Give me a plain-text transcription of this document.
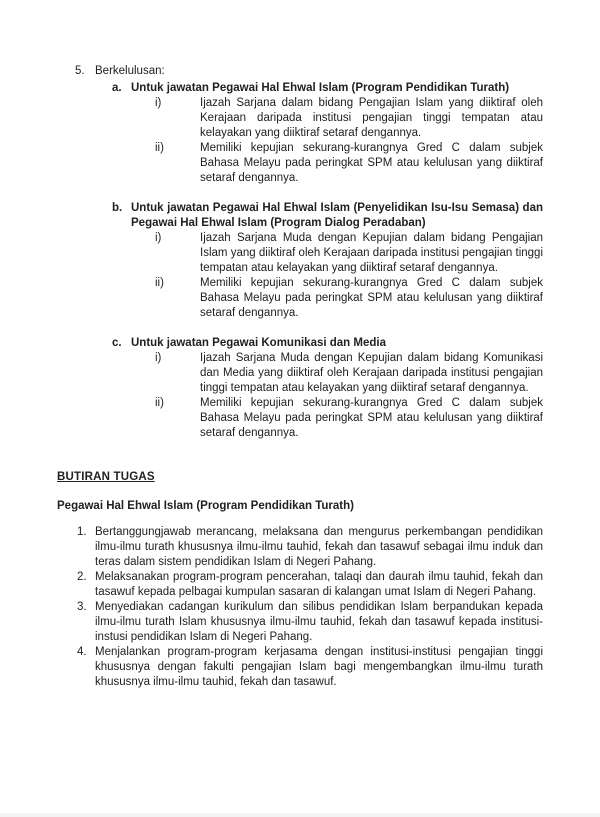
5. Berkelulusan:
a. Untuk jawatan Pegawai Hal Ehwal Islam (Program Pendidikan Turath)
i)	Ijazah Sarjana dalam bidang Pengajian Islam yang diiktiraf oleh Kerajaan daripada institusi pengajian tinggi tempatan atau kelayakan yang diiktiraf setaraf dengannya.
ii)	Memiliki kepujian sekurang-kurangnya Gred C dalam subjek Bahasa Melayu pada peringkat SPM atau kelulusan yang diiktiraf setaraf dengannya.
b. Untuk jawatan Pegawai Hal Ehwal Islam (Penyelidikan Isu-Isu Semasa) dan Pegawai Hal Ehwal Islam (Program Dialog Peradaban)
i)	Ijazah Sarjana Muda dengan Kepujian dalam bidang Pengajian Islam yang diiktiraf oleh Kerajaan daripada institusi pengajian tinggi tempatan atau kelayakan yang diiktiraf setaraf dengannya.
ii)	Memiliki kepujian sekurang-kurangnya Gred C dalam subjek Bahasa Melayu pada peringkat SPM atau kelulusan yang diiktiraf setaraf dengannya.
c. Untuk jawatan Pegawai Komunikasi dan Media
i)	Ijazah Sarjana Muda dengan Kepujian dalam bidang Komunikasi dan Media yang diiktiraf oleh Kerajaan daripada institusi pengajian tinggi tempatan atau kelayakan yang diiktiraf setaraf dengannya.
ii)	Memiliki kepujian sekurang-kurangnya Gred C dalam subjek Bahasa Melayu pada peringkat SPM atau kelulusan yang diiktiraf setaraf dengannya.
BUTIRAN TUGAS
Pegawai Hal Ehwal Islam (Program Pendidikan Turath)
1. Bertanggungjawab merancang, melaksana dan mengurus perkembangan pendidikan ilmu-ilmu turath khususnya ilmu-ilmu tauhid, fekah dan tasawuf sebagai ilmu induk dan teras dalam sistem pendidikan Islam di Negeri Pahang.
2. Melaksanakan program-program pencerahan, talaqi dan daurah ilmu tauhid, fekah dan tasawuf kepada pelbagai kumpulan sasaran di kalangan umat Islam di Negeri Pahang.
3. Menyediakan cadangan kurikulum dan silibus pendidikan Islam berpandukan kepada ilmu-ilmu turath Islam khususnya ilmu-ilmu tauhid, fekah dan tasawuf kepada institusi-instusi pendidikan Islam di Negeri Pahang.
4. Menjalankan program-program kerjasama dengan institusi-institusi pengajian tinggi khususnya dengan fakulti pengajian Islam bagi mengembangkan ilmu-ilmu turath khususnya ilmu-ilmu tauhid, fekah dan tasawuf.
